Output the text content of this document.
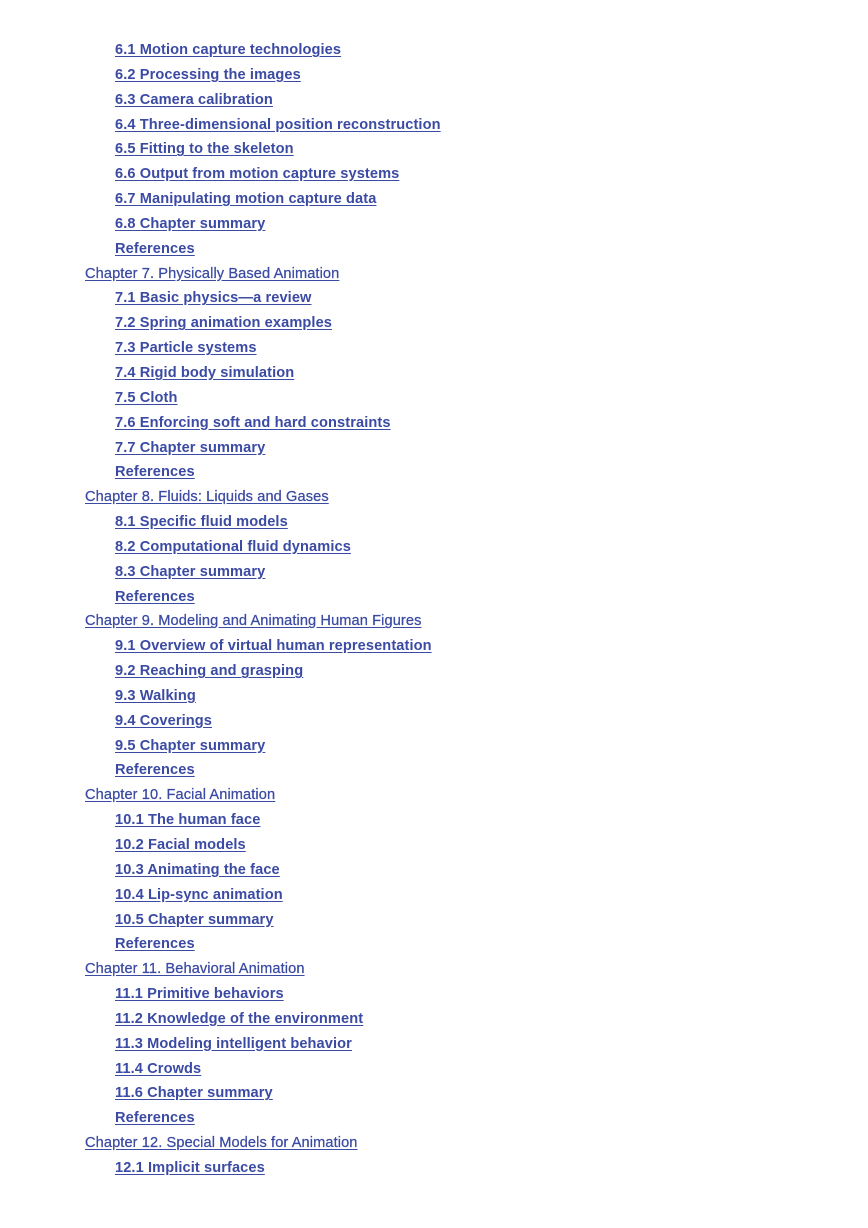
6.1 Motion capture technologies
6.2 Processing the images
6.3 Camera calibration
6.4 Three-dimensional position reconstruction
6.5 Fitting to the skeleton
6.6 Output from motion capture systems
6.7 Manipulating motion capture data
6.8 Chapter summary
References
Chapter 7. Physically Based Animation
7.1 Basic physics—a review
7.2 Spring animation examples
7.3 Particle systems
7.4 Rigid body simulation
7.5 Cloth
7.6 Enforcing soft and hard constraints
7.7 Chapter summary
References
Chapter 8. Fluids: Liquids and Gases
8.1 Specific fluid models
8.2 Computational fluid dynamics
8.3 Chapter summary
References
Chapter 9. Modeling and Animating Human Figures
9.1 Overview of virtual human representation
9.2 Reaching and grasping
9.3 Walking
9.4 Coverings
9.5 Chapter summary
References
Chapter 10. Facial Animation
10.1 The human face
10.2 Facial models
10.3 Animating the face
10.4 Lip-sync animation
10.5 Chapter summary
References
Chapter 11. Behavioral Animation
11.1 Primitive behaviors
11.2 Knowledge of the environment
11.3 Modeling intelligent behavior
11.4 Crowds
11.6 Chapter summary
References
Chapter 12. Special Models for Animation
12.1 Implicit surfaces
